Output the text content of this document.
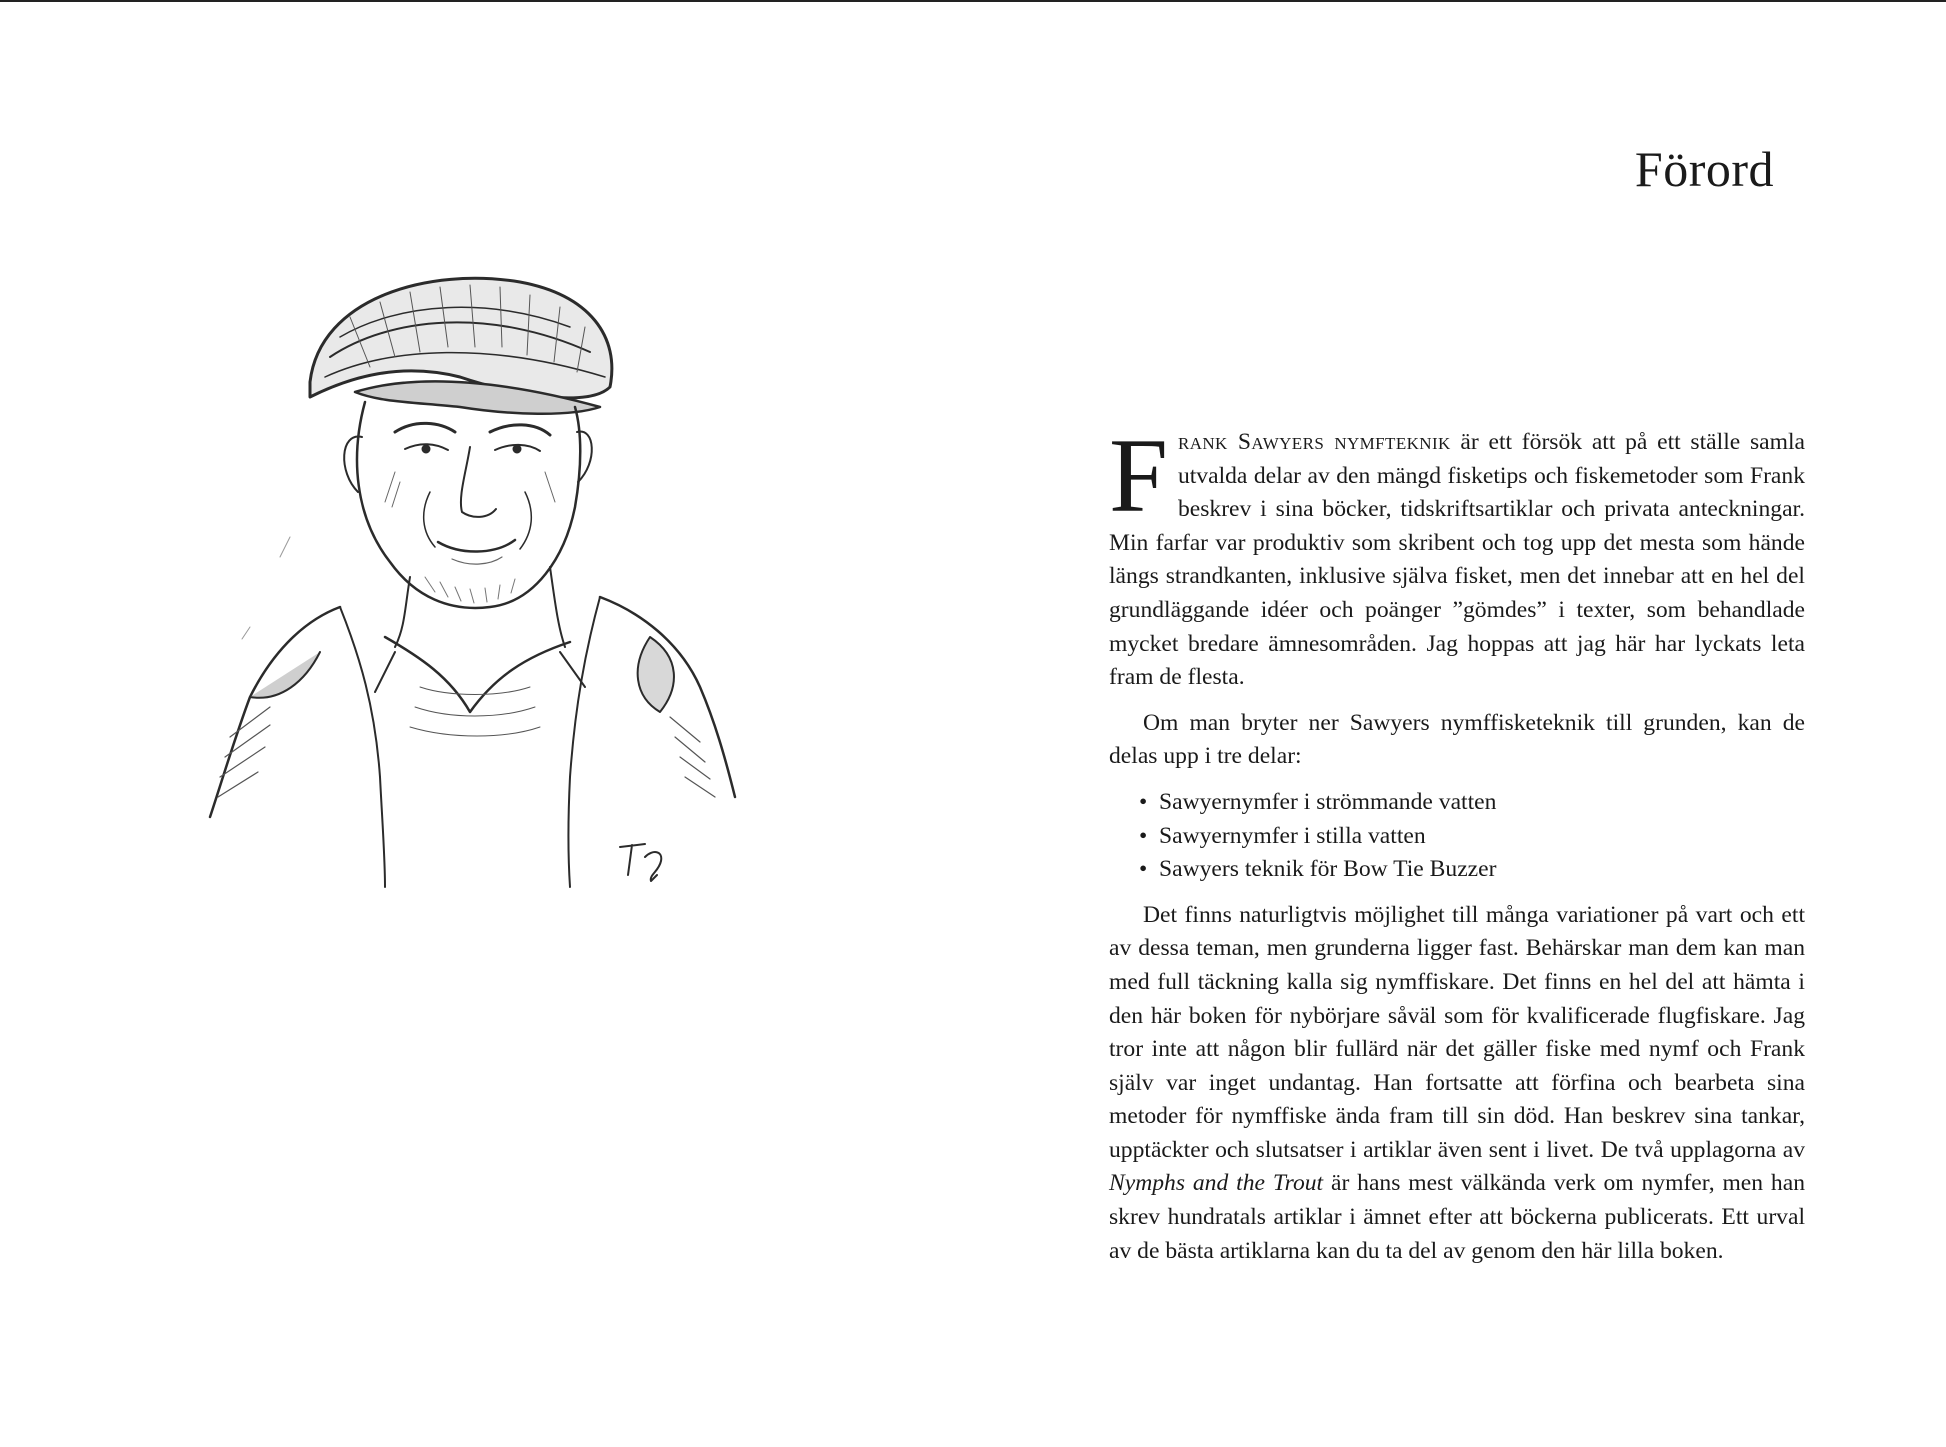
Förord

Frank Sawyers nymfteknik är ett försök att på ett ställe samla utvalda delar av den mängd fisketips och fiskemetoder som Frank beskrev i sina böcker, tidskriftsartiklar och privata anteckningar. Min farfar var produktiv som skribent och tog upp det mesta som hände längs strandkanten, inklusive själva fisket, men det innebar att en hel del grundläggande idéer och poänger ”gömdes” i texter, som behandlade mycket bredare ämnesområden. Jag hoppas att jag här har lyckats leta fram de flesta.

Om man bryter ner Sawyers nymffisketeknik till grunden, kan de delas upp i tre delar:

• Sawyernymfer i strömmande vatten
• Sawyernymfer i stilla vatten
• Sawyers teknik för Bow Tie Buzzer

Det finns naturligtvis möjlighet till många variationer på vart och ett av dessa teman, men grunderna ligger fast. Behärskar man dem kan man med full täckning kalla sig nymffiskare. Det finns en hel del att hämta i den här boken för nybörjare såväl som för kvalificerade flugfiskare. Jag tror inte att någon blir fullärd när det gäller fiske med nymf och Frank själv var inget undantag. Han fortsatte att förfina och bearbeta sina metoder för nymffiske ända fram till sin död. Han beskrev sina tankar, upptäckter och slutsatser i artiklar även sent i livet. De två upplagorna av Nymphs and the Trout är hans mest välkända verk om nymfer, men han skrev hundratals artiklar i ämnet efter att böckerna publicerats. Ett urval av de bästa artiklarna kan du ta del av genom den här lilla boken.
